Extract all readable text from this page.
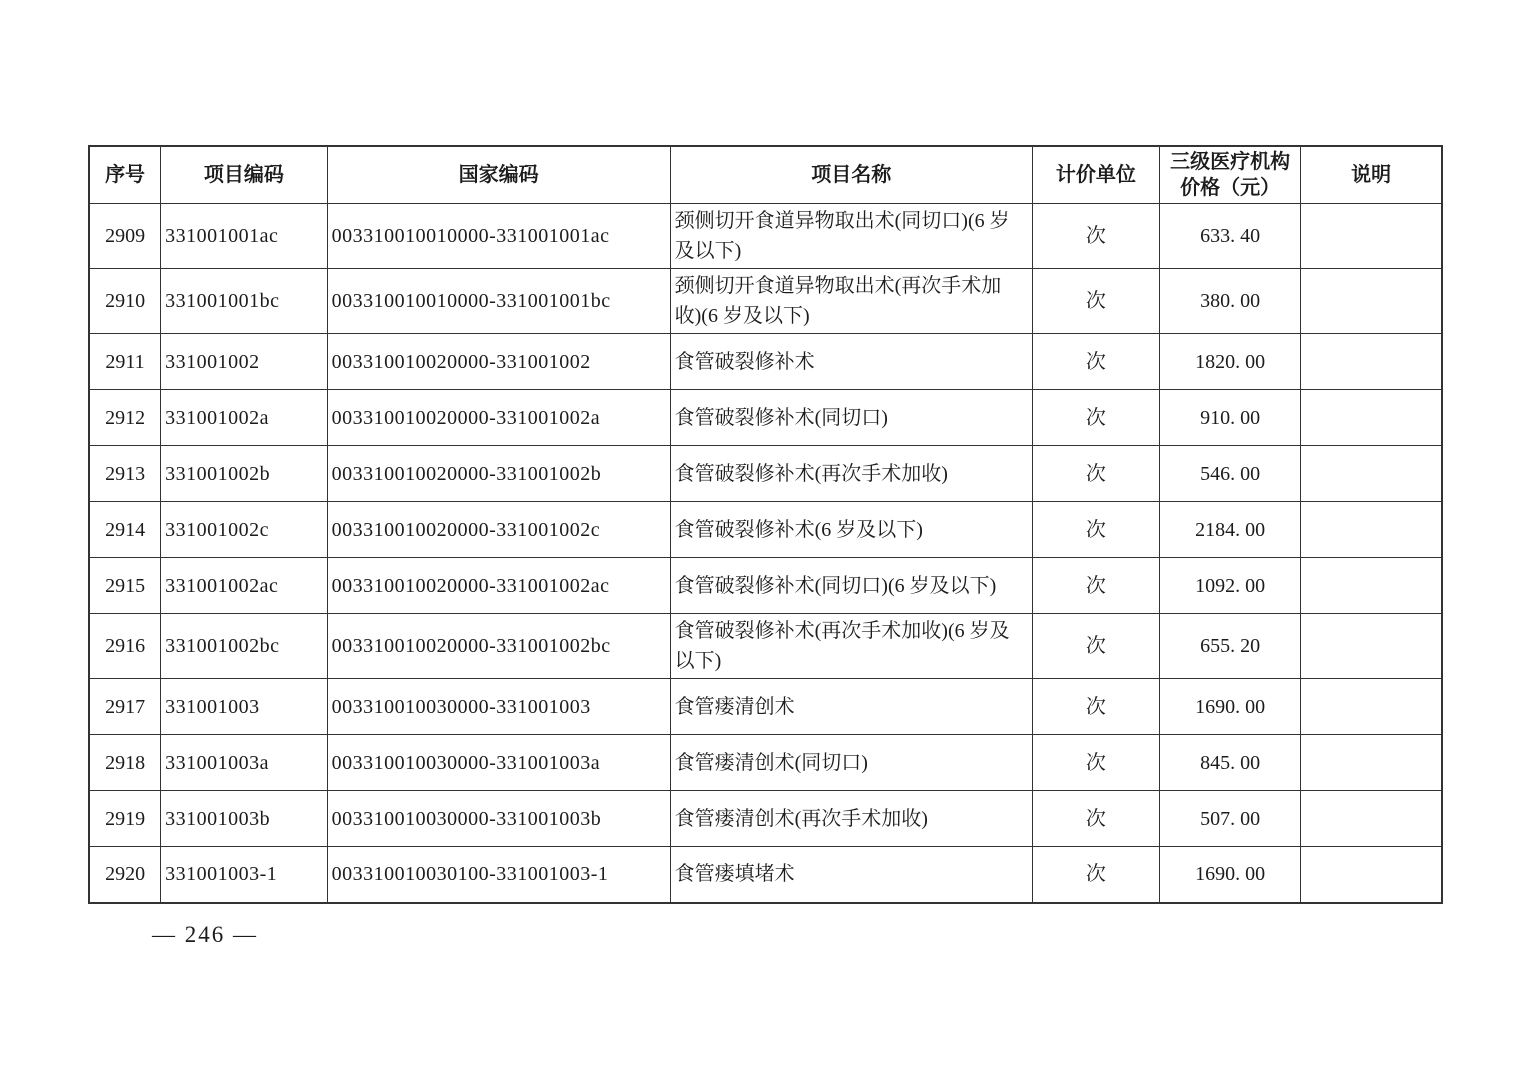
序号	项目编码	国家编码	项目名称	计价单位	三级医疗机构价格（元）	说明
2909	331001001ac	003310010010000-331001001ac	颈侧切开食道异物取出术(同切口)(6 岁及以下)	次	633. 40	
2910	331001001bc	003310010010000-331001001bc	颈侧切开食道异物取出术(再次手术加收)(6 岁及以下)	次	380. 00	
2911	331001002	003310010020000-331001002	食管破裂修补术	次	1820. 00	
2912	331001002a	003310010020000-331001002a	食管破裂修补术(同切口)	次	910. 00	
2913	331001002b	003310010020000-331001002b	食管破裂修补术(再次手术加收)	次	546. 00	
2914	331001002c	003310010020000-331001002c	食管破裂修补术(6 岁及以下)	次	2184. 00	
2915	331001002ac	003310010020000-331001002ac	食管破裂修补术(同切口)(6 岁及以下)	次	1092. 00	
2916	331001002bc	003310010020000-331001002bc	食管破裂修补术(再次手术加收)(6 岁及以下)	次	655. 20	
2917	331001003	003310010030000-331001003	食管瘘清创术	次	1690. 00	
2918	331001003a	003310010030000-331001003a	食管瘘清创术(同切口)	次	845. 00	
2919	331001003b	003310010030000-331001003b	食管瘘清创术(再次手术加收)	次	507. 00	
2920	331001003-1	003310010030100-331001003-1	食管瘘填堵术	次	1690. 00	
— 246 —
